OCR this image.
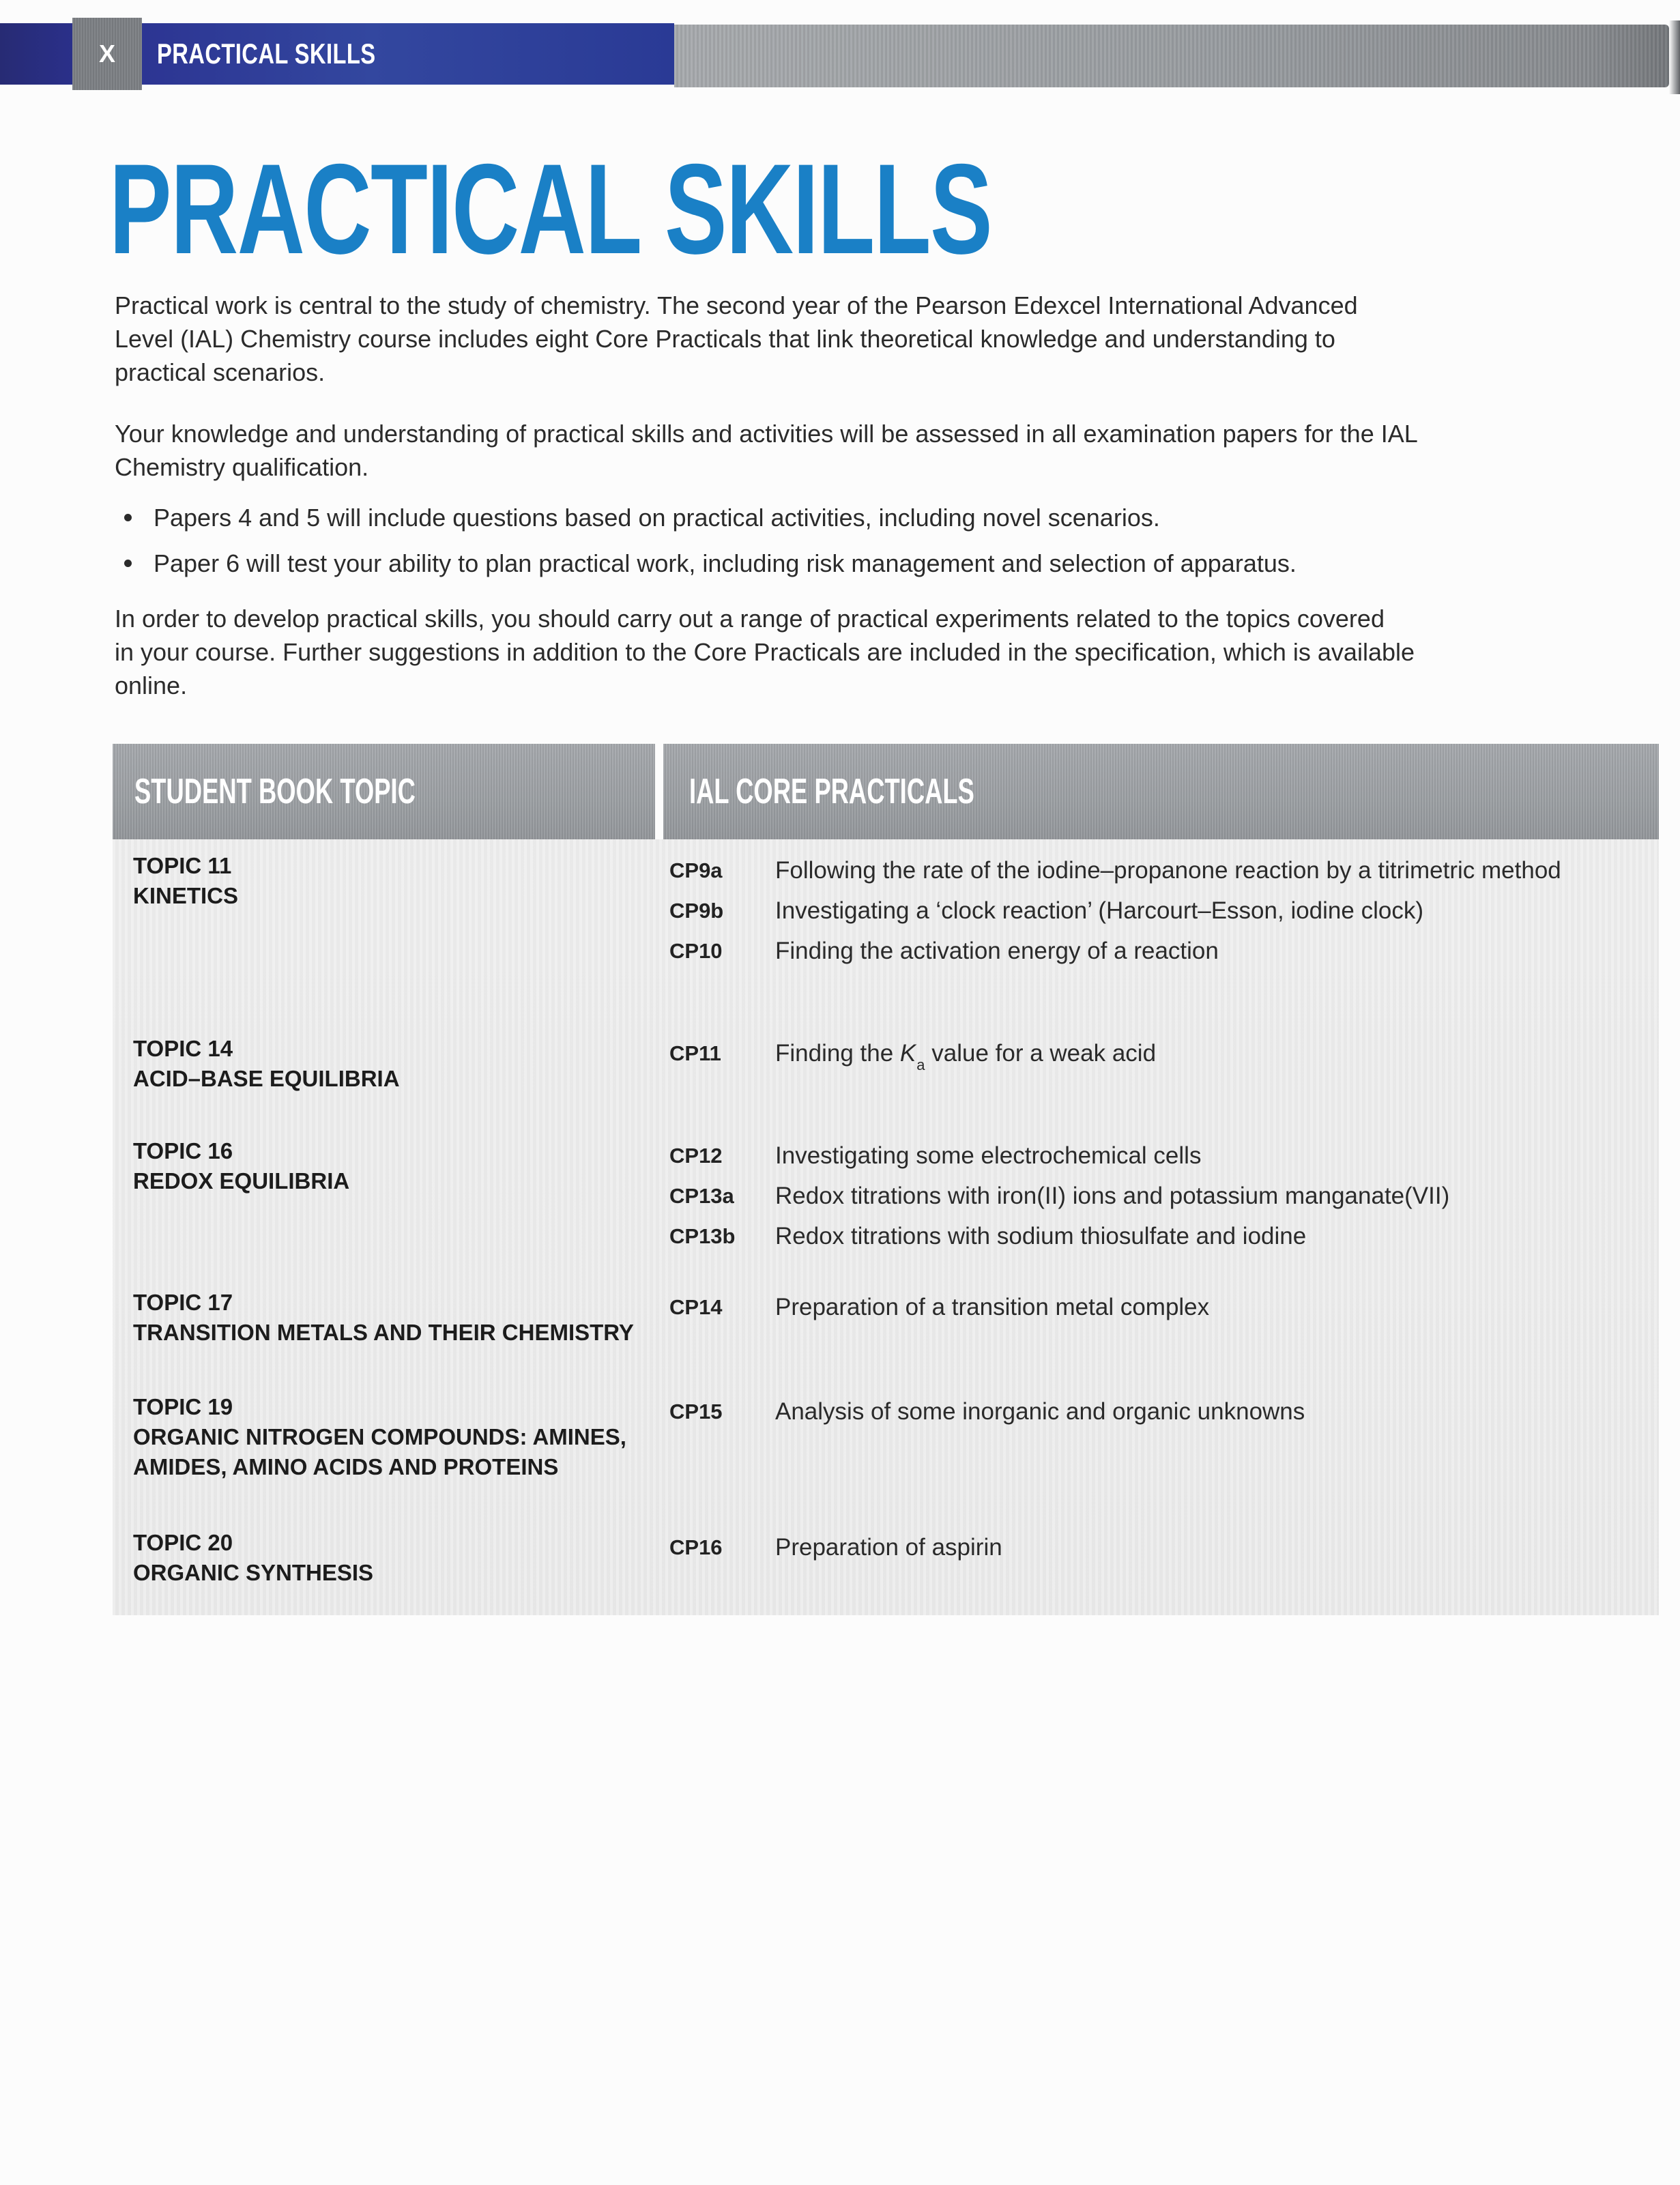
PRACTICAL SKILLS
X
PRACTICAL SKILLS

Practical work is central to the study of chemistry. The second year of the Pearson Edexcel International Advanced
Level (IAL) Chemistry course includes eight Core Practicals that link theoretical knowledge and understanding to
practical scenarios.

Your knowledge and understanding of practical skills and activities will be assessed in all examination papers for the IAL
Chemistry qualification.

Papers 4 and 5 will include questions based on practical activities, including novel scenarios.
Paper 6 will test your ability to plan practical work, including risk management and selection of apparatus.

In order to develop practical skills, you should carry out a range of practical experiments related to the topics covered
in your course. Further suggestions in addition to the Core Practicals are included in the specification, which is available
online.

STUDENT BOOK TOPIC	IAL CORE PRACTICALS
TOPIC 11
KINETICS
CP9a	Following the rate of the iodine–propanone reaction by a titrimetric method
CP9b	Investigating a ‘clock reaction’ (Harcourt–Esson, iodine clock)
CP10	Finding the activation energy of a reaction
TOPIC 14
ACID–BASE EQUILIBRIA
CP11	Finding the $K_a$ value for a weak acid
TOPIC 16
REDOX EQUILIBRIA
CP12	Investigating some electrochemical cells
CP13a	Redox titrations with iron(II) ions and potassium manganate(VII)
CP13b	Redox titrations with sodium thiosulfate and iodine
TOPIC 17
TRANSITION METALS AND THEIR CHEMISTRY
CP14	Preparation of a transition metal complex
TOPIC 19
ORGANIC NITROGEN COMPOUNDS: AMINES,
AMIDES, AMINO ACIDS AND PROTEINS
CP15	Analysis of some inorganic and organic unknowns
TOPIC 20
ORGANIC SYNTHESIS
CP16	Preparation of aspirin
